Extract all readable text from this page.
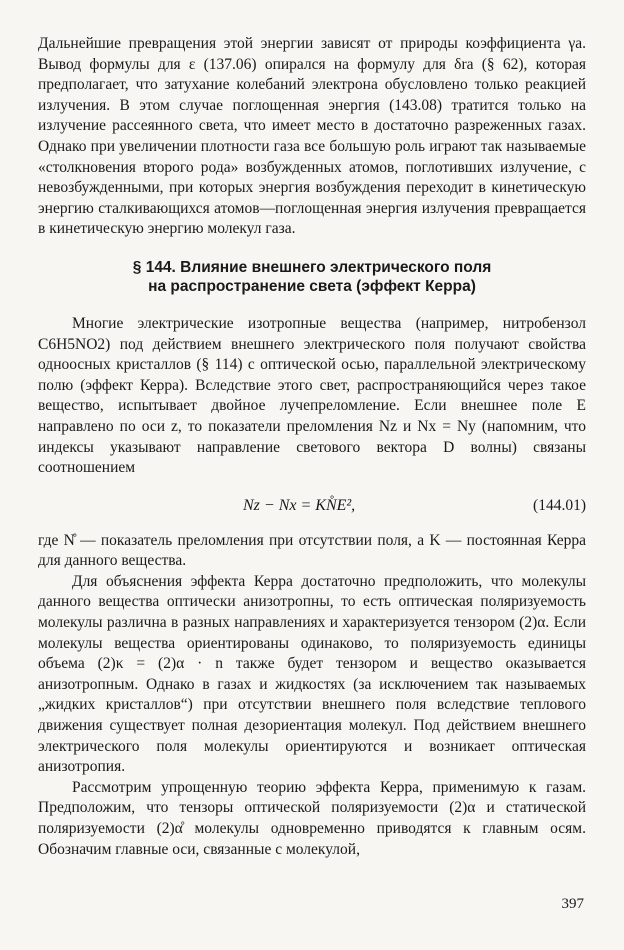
Дальнейшие превращения этой энергии зависят от природы коэффициента γa. Вывод формулы для ε (137.06) опирался на формулу для δra (§ 62), которая предполагает, что затухание колебаний электрона обусловлено только реакцией излучения. В этом случае поглощенная энергия (143.08) тратится только на излучение рассеянного света, что имеет место в достаточно разреженных газах. Однако при увеличении плотности газа все большую роль играют так называемые «столкновения второго рода» возбужденных атомов, поглотивших излучение, с невозбужденными, при которых энергия возбуждения переходит в кинетическую энергию сталкивающихся атомов—поглощенная энергия излучения превращается в кинетическую энергию молекул газа.

§ 144. Влияние внешнего электрического поля
на распространение света (эффект Керра)

Многие электрические изотропные вещества (например, нитробензол C6H5NO2) под действием внешнего электрического поля получают свойства одноосных кристаллов (§ 114) с оптической осью, параллельной электрическому полю (эффект Керра). Вследствие этого свет, распространяющийся через такое вещество, испытывает двойное лучепреломление. Если внешнее поле E направлено по оси z, то показатели преломления Nz и Nx = Ny (напомним, что индексы указывают направление светового вектора D волны) связаны соотношением

Nz − Nx = KN̊E²,	(144.01)

где N̊ — показатель преломления при отсутствии поля, а K — постоянная Керра для данного вещества.

Для объяснения эффекта Керра достаточно предположить, что молекулы данного вещества оптически анизотропны, то есть оптическая поляризуемость молекулы различна в разных направлениях и характеризуется тензором (2)α. Если молекулы вещества ориентированы одинаково, то поляризуемость единицы объема (2)κ = (2)α · n также будет тензором и вещество оказывается анизотропным. Однако в газах и жидкостях (за исключением так называемых „жидких кристаллов“) при отсутствии внешнего поля вследствие теплового движения существует полная дезориентация молекул. Под действием внешнего электрического поля молекулы ориентируются и возникает оптическая анизотропия.

Рассмотрим упрощенную теорию эффекта Керра, применимую к газам. Предположим, что тензоры оптической поляризуемости (2)α и статической поляризуемости (2)α̊ молекулы одновременно приводятся к главным осям. Обозначим главные оси, связанные с молекулой,

397
